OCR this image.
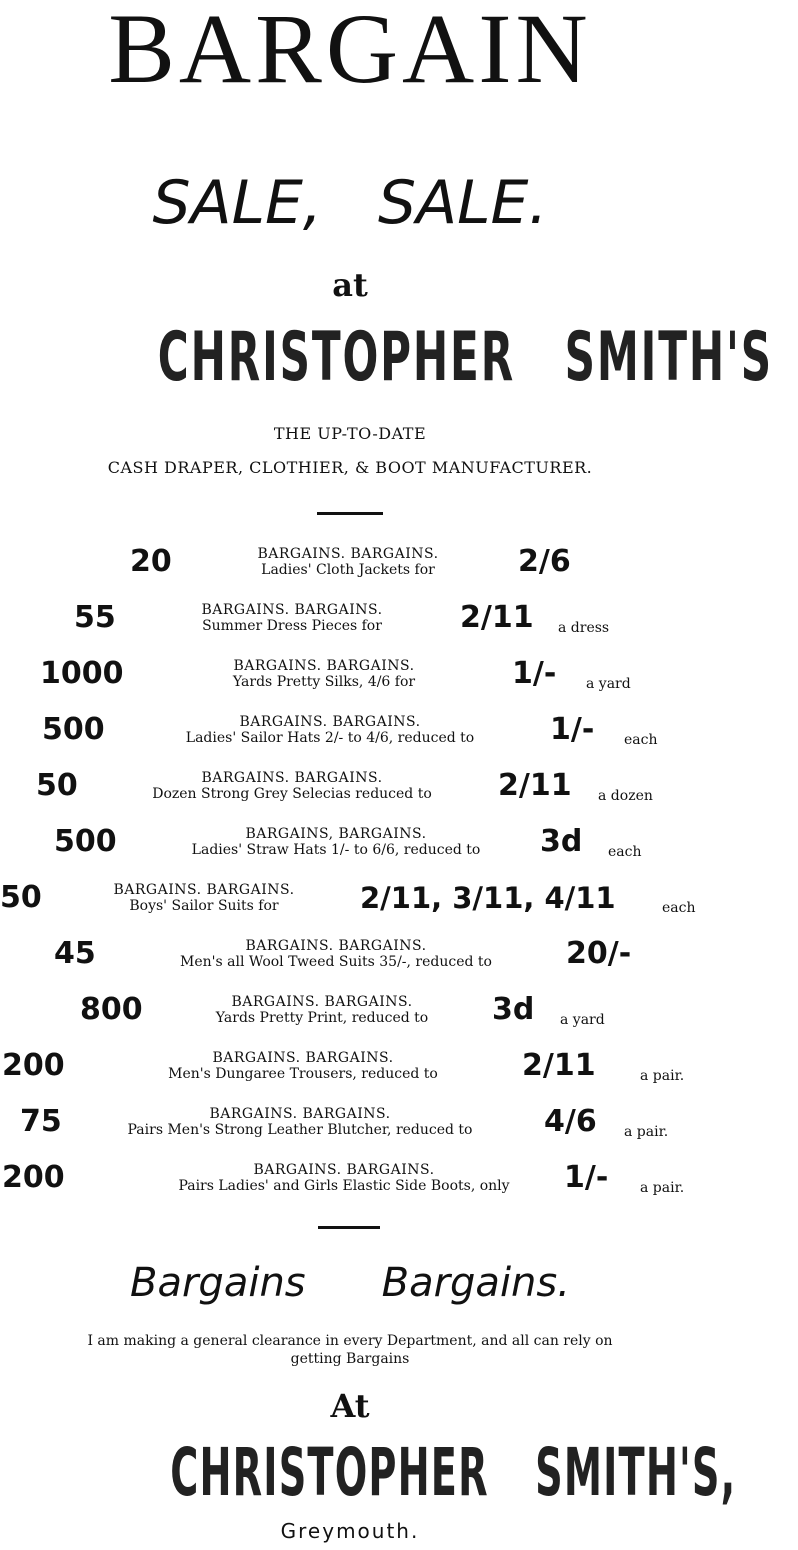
BARGAIN
SALE, SALE.
at
CHRISTOPHER SMITH'S
THE UP-TO-DATE
CASH DRAPER, CLOTHIER, & BOOT MANUFACTURER.
20	BARGAINS. BARGAINS.
Ladies' Cloth Jackets for	2/6
55	BARGAINS. BARGAINS.
Summer Dress Pieces for	2/11 a dress
1000	BARGAINS. BARGAINS.
Yards Pretty Silks, 4/6 for	1/- a yard
500	BARGAINS. BARGAINS.
Ladies' Sailor Hats 2/- to 4/6, reduced to	1/- each
50	BARGAINS. BARGAINS.
Dozen Strong Grey Selecias reduced to 2/11 a dozen
500	BARGAINS, BARGAINS.
Ladies' Straw Hats 1/- to 6/6, reduced to 3d each
50	BARGAINS. BARGAINS.
Boys' Sailor Suits for	2/11, 3/11, 4/11	each
45	BARGAINS. BARGAINS.
Men's all Wool Tweed Suits 35/-, reduced to 20/-
800	BARGAINS. BARGAINS.
Yards Pretty Print, reduced to 3d a yard
200	BARGAINS. BARGAINS.
Men's Dungaree Trousers, reduced to	2/11	a pair.
75	BARGAINS. BARGAINS.
Pairs Men's Strong Leather Blutcher, reduced to 4/6 a pair.
200	BARGAINS. BARGAINS.
Pairs Ladies' and Girls Elastic Side Boots, only 1/- a pair.
Bargains Bargains.
I am making a general clearance in every Department, and all can rely on
getting Bargains
At
CHRISTOPHER SMITH'S,
Greymouth.
